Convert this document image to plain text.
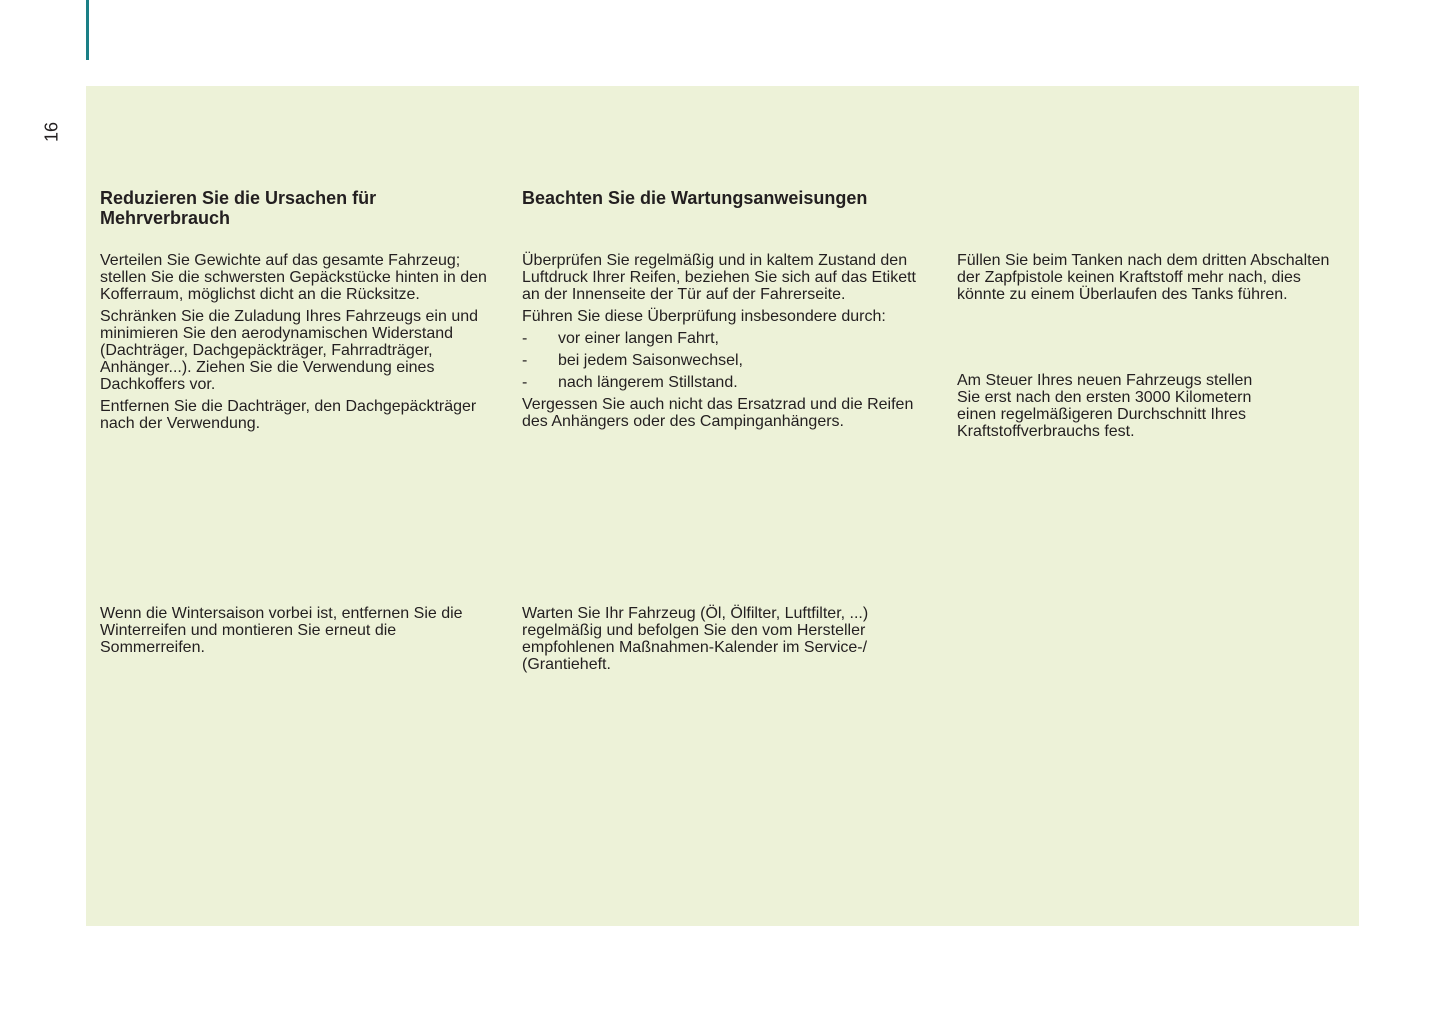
16
Reduzieren Sie die Ursachen für Mehrverbrauch

Verteilen Sie Gewichte auf das gesamte Fahrzeug; stellen Sie die schwersten Gepäckstücke hinten in den Kofferraum, möglichst dicht an die Rücksitze.

Schränken Sie die Zuladung Ihres Fahrzeugs ein und minimieren Sie den aerodynamischen Widerstand (Dachträger, Dachgepäckträger, Fahrradträger, Anhänger...). Ziehen Sie die Verwendung eines Dachkoffers vor.

Entfernen Sie die Dachträger, den Dachgepäckträger nach der Verwendung.

Wenn die Wintersaison vorbei ist, entfernen Sie die Winterreifen und montieren Sie erneut die Sommerreifen.

Beachten Sie die Wartungsanweisungen

Überprüfen Sie regelmäßig und in kaltem Zustand den Luftdruck Ihrer Reifen, beziehen Sie sich auf das Etikett an der Innenseite der Tür auf der Fahrerseite.

Führen Sie diese Überprüfung insbesondere durch:

- vor einer langen Fahrt,
- bei jedem Saisonwechsel,
- nach längerem Stillstand.

Vergessen Sie auch nicht das Ersatzrad und die Reifen des Anhängers oder des Campinganhängers.

Warten Sie Ihr Fahrzeug (Öl, Ölfilter, Luftfilter, ...) regelmäßig und befolgen Sie den vom Hersteller empfohlenen Maßnahmen-Kalender im Service-/ (Grantieheft.

Füllen Sie beim Tanken nach dem dritten Abschalten der Zapfpistole keinen Kraftstoff mehr nach, dies könnte zu einem Überlaufen des Tanks führen.

Am Steuer Ihres neuen Fahrzeugs stellen Sie erst nach den ersten 3000 Kilometern einen regelmäßigeren Durchschnitt Ihres Kraftstoffverbrauchs fest.
